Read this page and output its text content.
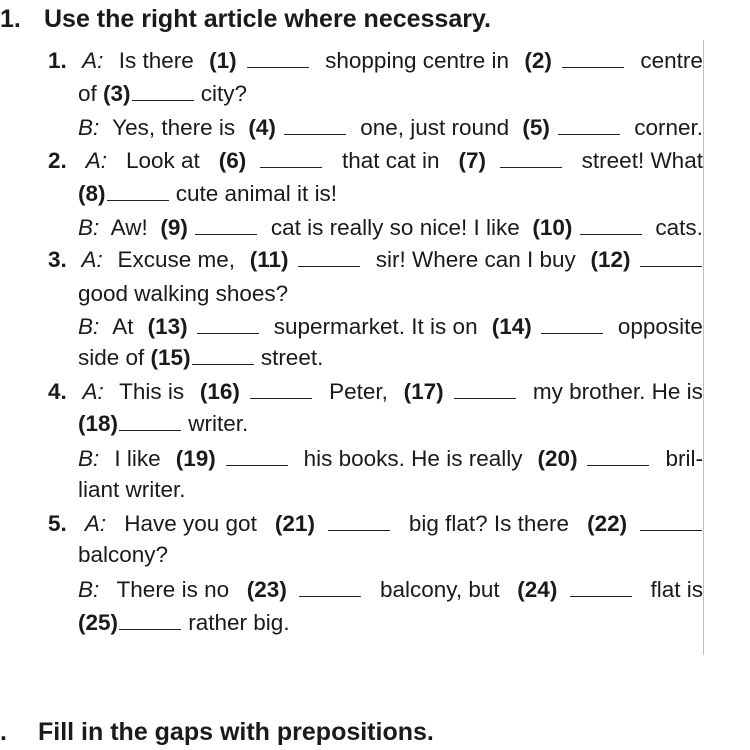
1. Use the right article where necessary.
1. A: Is there (1)	shopping centre in (2)	centre
of (3)	city?
B: Yes, there is (4)	one, just round (5)	corner.
2. A: Look at (6)	that cat in (7)	street! What
(8)	cute animal it is!
B: Aw! (9)	cat is really so nice! I like (10)	cats.
3. A: Excuse me, (11)	sir! Where can I buy (12)
good walking shoes?
B: At (13)	supermarket. It is on (14)	opposite
side of (15)	street.
4. A: This is (16)	Peter, (17)	my brother. He is
(18)	writer.
B: I like (19)	his books. He is really (20)	bril-
liant writer.
5. A: Have you got (21)	big flat? Is there (22)
balcony?
B: There is no (23)	balcony, but (24)	flat is
(25)	rather big.
. Fill in the gaps with prepositions.
